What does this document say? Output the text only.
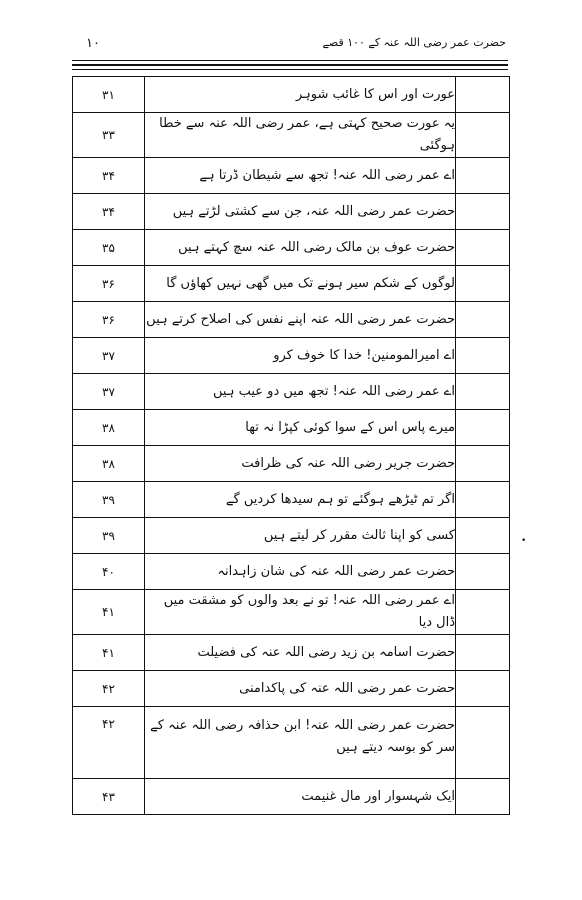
۱۰	حضرت عمر رضی اللہ عنہ کے ۱۰۰ قصے
۳۱	عورت اور اس کا غائب شوہر	
۳۳	یہ عورت صحیح کہتی ہے، عمر رضی اللہ عنہ سے خطا ہوگئی	
۳۴	اے عمر رضی اللہ عنہ! تجھ سے شیطان ڈرتا ہے	
۳۴	حضرت عمر رضی اللہ عنہ، جن سے کشتی لڑتے ہیں	
۳۵	حضرت عوف بن مالک رضی اللہ عنہ سچ کہتے ہیں	
۳۶	لوگوں کے شکم سیر ہونے تک میں گھی نہیں کھاؤں گا	
۳۶	حضرت عمر رضی اللہ عنہ اپنے نفس کی اصلاح کرتے ہیں	
۳۷	اے امیرالمومنین! خدا کا خوف کرو	
۳۷	اے عمر رضی اللہ عنہ! تجھ میں دو عیب ہیں	
۳۸	میرے پاس اس کے سوا کوئی کپڑا نہ تھا	
۳۸	حضرت جریر رضی اللہ عنہ کی ظرافت	
۳۹	اگر تم ٹیڑھے ہوگئے تو ہم سیدھا کردیں گے	
۳۹	کسی کو اپنا ثالث مقرر کر لیتے ہیں	
۴۰	حضرت عمر رضی اللہ عنہ کی شان زاہدانہ	
۴۱	اے عمر رضی اللہ عنہ! تو نے بعد والوں کو مشقت میں ڈال دیا	
۴۱	حضرت اسامہ بن زید رضی اللہ عنہ کی فضیلت	
۴۲	حضرت عمر رضی اللہ عنہ کی پاکدامنی	
۴۲	حضرت عمر رضی اللہ عنہ! ابن حذافہ رضی اللہ عنہ کے سر کو بوسہ دیتے ہیں	
۴۳	ایک شہسوار اور مال غنیمت	
•
